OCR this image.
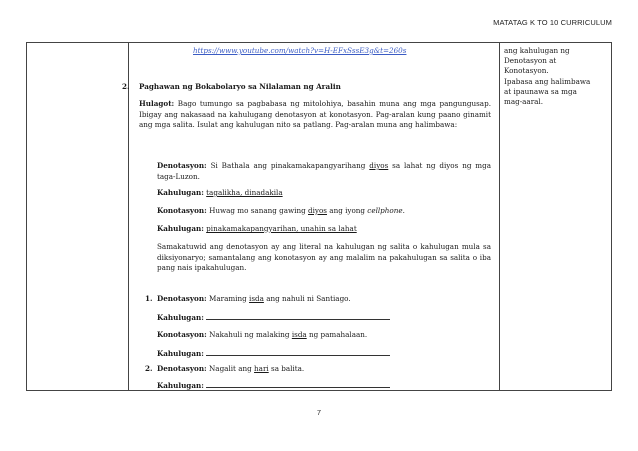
MATATAG K TO 10 CURRICULUM
https://www.youtube.com/watch?v=H-EFxSssE3g&t=260s
2. Paghawan ng Bokabolaryo sa Nilalaman ng Aralin
Hulagot: Bago tumungo sa pagbabasa ng mitolohiya, basahin muna ang mga pangungusap. Ibigay ang nakasaad na kahulugang denotasyon at konotasyon. Pag-aralan kung paano ginamit ang mga salita. Isulat ang kahulugan nito sa patlang. Pag-aralan muna ang halimbawa:
Denotasyon: Si Bathala ang pinakamakapangyarihang diyos sa lahat ng diyos ng mga taga-Luzon.
Kahulugan: tagalikha, dinadakila
Konotasyon: Huwag mo sanang gawing diyos ang iyong cellphone.
Kahulugan: pinakamakapangyarihan, unahin sa lahat
Samakatuwid ang denotasyon ay ang literal na kahulugan ng salita o kahulugan mula sa diksiyonaryo; samantalang ang konotasyon ay ang malalim na pakahulugan sa salita o iba pang nais ipakahulugan.
1. Denotasyon: Maraming isda ang nahuli ni Santiago.
Kahulugan:
Konotasyon: Nakahuli ng malaking isda ng pamahalaan.
Kahulugan:
2. Denotasyon: Nagalit ang hari sa balita.
Kahulugan:
ang kahulugan ng
Denotasyon at
Konotasyon.
Ipabasa ang halimbawa
at ipaunawa sa mga
mag-aaral.
7
